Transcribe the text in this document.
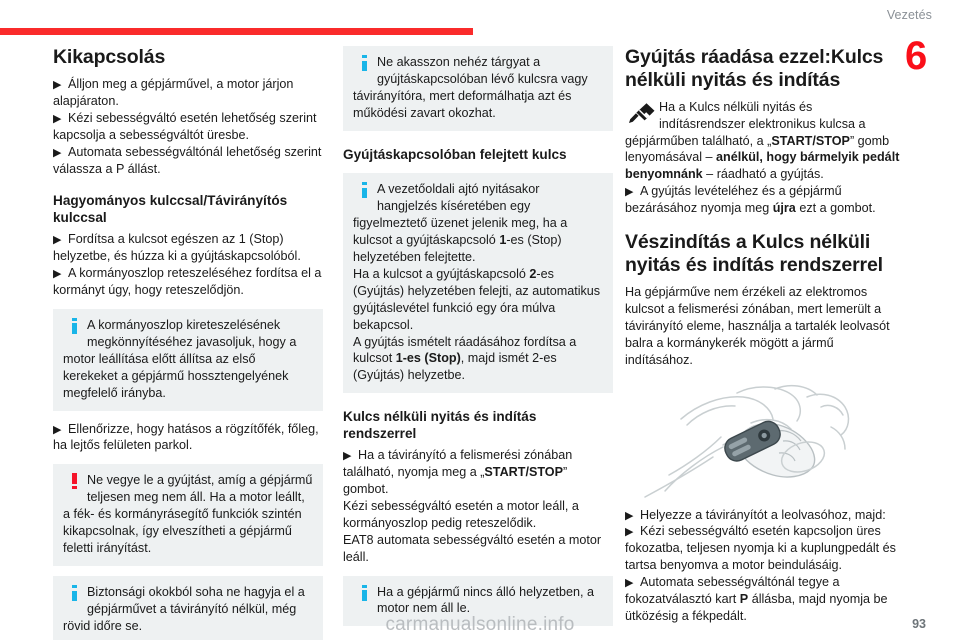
Vezetés
6
Kikapcsolás

▶ Álljon meg a gépjárművel, a motor járjon alapjáraton.

▶ Kézi sebességváltó esetén lehetőség szerint kapcsolja a sebességváltót üresbe.

▶ Automata sebességváltónál lehetőség szerint válassza a P állást.

Hagyományos kulccsal/Távirányítós kulccsal

▶ Fordítsa a kulcsot egészen az 1 (Stop) helyzetbe, és húzza ki a gyújtáskapcsolóból.

▶ A kormányoszlop reteszeléséhez fordítsa el a kormányt úgy, hogy reteszelődjön.

A kormányoszlop kireteszelésének megkönnyítéséhez javasoljuk, hogy a motor leállítása előtt állítsa az első kerekeket a gépjármű hossztengelyének megfelelő irányba.

▶ Ellenőrizze, hogy hatásos a rögzítőfék, főleg, ha lejtős felületen parkol.

Ne vegye le a gyújtást, amíg a gépjármű teljesen meg nem áll. Ha a motor leállt, a fék- és kormányrásegítő funkciók szintén kikapcsolnak, így elveszítheti a gépjármű feletti irányítást.
Biztonsági okokból soha ne hagyja el a gépjárművet a távirányító nélkül, még rövid időre se.
Ne akasszon nehéz tárgyat a gyújtáskapcsolóban lévő kulcsra vagy távirányítóra, mert deformálhatja azt és működési zavart okozhat.
Gyújtáskapcsolóban felejtett kulcs
A vezetőoldali ajtó nyitásakor hangjelzés kíséretében egy figyelmeztető üzenet jelenik meg, ha a kulcsot a gyújtáskapcsoló 1-es (Stop) helyzetében felejtette.
Ha a kulcsot a gyújtáskapcsoló 2-es (Gyújtás) helyzetében felejti, az automatikus gyújtáslevétel funkció egy óra múlva bekapcsol.
A gyújtás ismételt ráadásához fordítsa a kulcsot 1-es (Stop), majd ismét 2-es (Gyújtás) helyzetbe.
Kulcs nélküli nyitás és indítás rendszerrel

▶ Ha a távirányító a felismerési zónában található, nyomja meg a „START/STOP” gombot.

Kézi sebességváltó esetén a motor leáll, a kormányoszlop pedig reteszelődik.

EAT8 automata sebességváltó esetén a motor leáll.

Ha a gépjármű nincs álló helyzetben, a motor nem áll le.
Gyújtás ráadása ezzel:Kulcs nélküli nyitás és indítás
Ha a Kulcs nélküli nyitás és indításrendszer elektronikus kulcsa a gépjárműben található, a „START/STOP” gomb lenyomásával – anélkül, hogy bármelyik pedált benyomnánk – ráadható a gyújtás.

▶ A gyújtás levételéhez és a gépjármű bezárásához nyomja meg újra ezt a gombot.

Vészindítás a Kulcs nélküli nyitás és indítás rendszerrel

Ha gépjárműve nem érzékeli az elektromos kulcsot a felismerési zónában, mert lemerült a távirányító eleme, használja a tartalék leolvasót balra a kormánykerék mögött a jármű indításához.

▶ Helyezze a távirányítót a leolvasóhoz, majd:

▶ Kézi sebességváltó esetén kapcsoljon üres fokozatba, teljesen nyomja ki a kuplungpedált és tartsa benyomva a motor beindulásáig.

▶ Automata sebességváltónál tegye a fokozatválasztó kart P állásba, majd nyomja be ütközésig a fékpedált.

93
carmanualsonline.info
